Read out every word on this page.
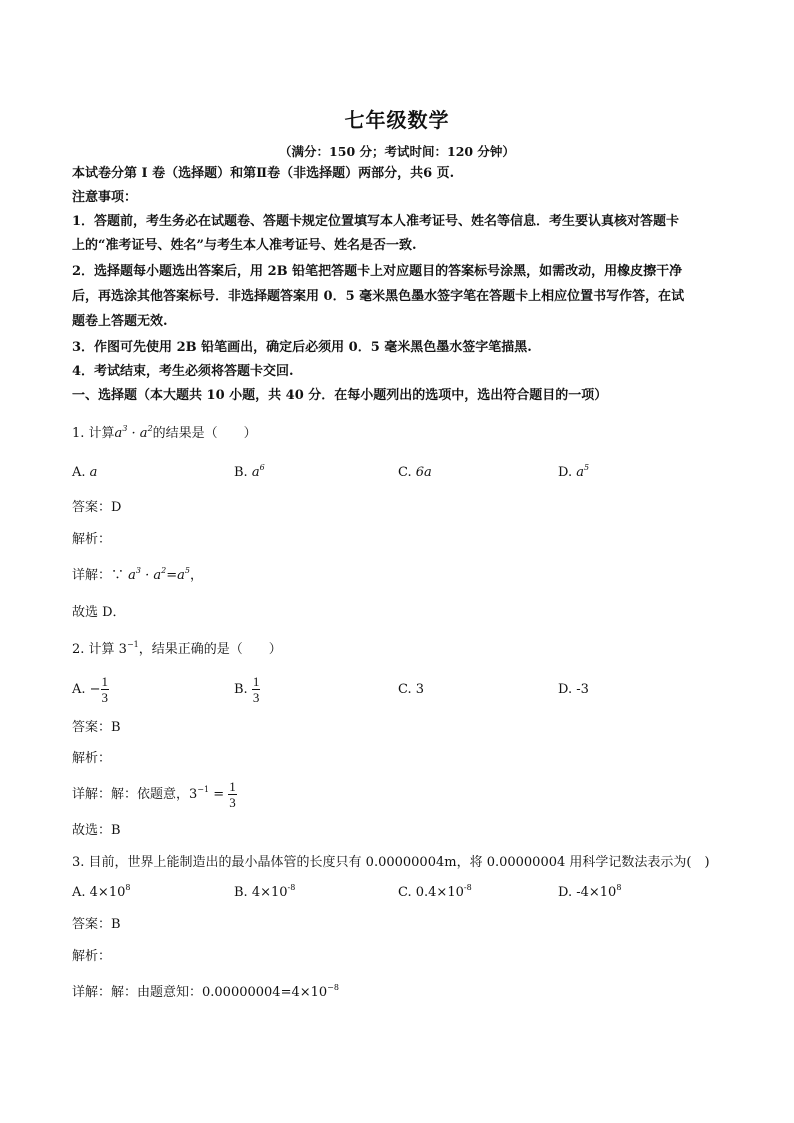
七年级数学
（满分：150 分；考试时间：120 分钟）
本试卷分第 I 卷（选择题）和第Ⅱ卷（非选择题）两部分，共6 页.
注意事项：
1．答题前，考生务必在试题卷、答题卡规定位置填写本人准考证号、姓名等信息．考生要认真核对答题卡
上的“准考证号、姓名”与考生本人准考证号、姓名是否一致.
2．选择题每小题选出答案后，用 2B 铅笔把答题卡上对应题目的答案标号涂黑，如需改动，用橡皮擦干净
后，再选涂其他答案标号．非选择题答案用 0．5 毫米黑色墨水签字笔在答题卡上相应位置书写作答，在试
题卷上答题无效.
3．作图可先使用 2B 铅笔画出，确定后必须用 0．5 毫米黑色墨水签字笔描黑.
4．考试结束，考生必须将答题卡交回.
一、选择题（本大题共 10 小题，共 40 分．在每小题列出的选项中，选出符合题目的一项）
1. 计算$a^3 \cdot a^2$的结果是（　　）
A. a	B. $a^6$	C. 6a	D. $a^5$
答案：D
解析：
详解：∵ $a^3 \cdot a^2=a^5$，
故选 D．
2. 计算 $3^{-1}$，结果正确的是（　　）
A. − $\frac{1}{3}$	B. $\frac{1}{3}$	C. 3	D. -3
答案：B
解析：
详解：解：依题意，$3^{-1} = \frac{1}{3}$
故选：B
3. 目前，世界上能制造出的最小晶体管的长度只有 0.00000004m，将 0.00000004 用科学记数法表示为(　)
A. $4\times 10^8$	B. $4\times 10^{-8}$	C. $0.4\times 10^{-8}$	D. $-4\times 10^8$
答案：B
解析：
详解：解：由题意知：$0.00000004=4\times 10^{-8}$
